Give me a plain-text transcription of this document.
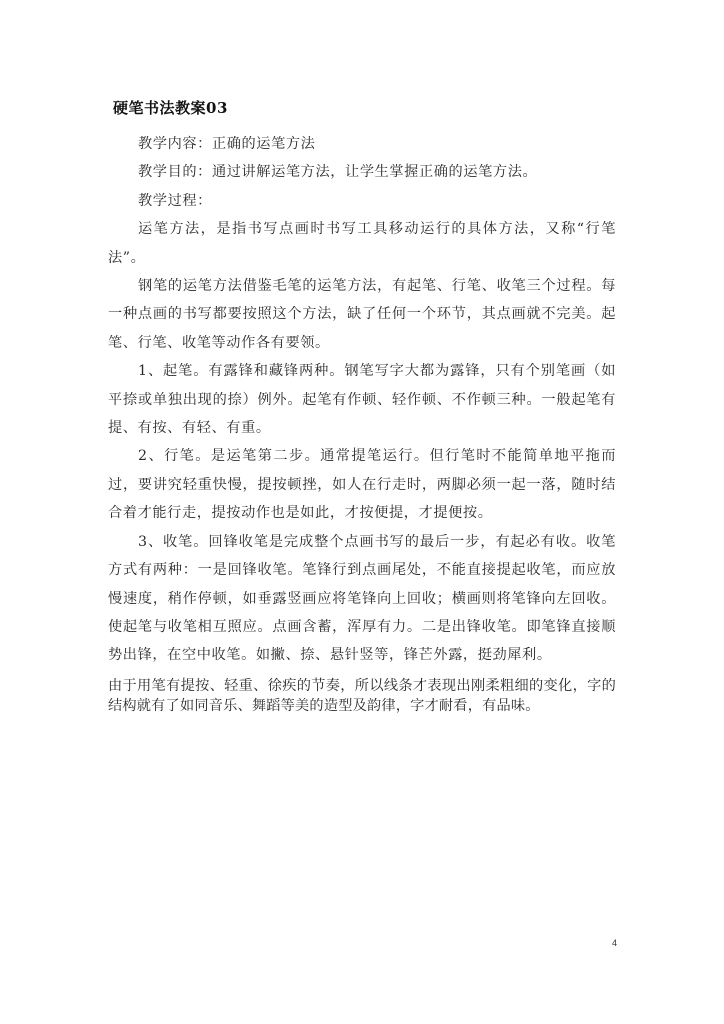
硬笔书法教案03

教学内容：正确的运笔方法

教学目的：通过讲解运笔方法，让学生掌握正确的运笔方法。

教学过程：

运笔方法，是指书写点画时书写工具移动运行的具体方法，又称“行笔法”。

钢笔的运笔方法借鉴毛笔的运笔方法，有起笔、行笔、收笔三个过程。每一种点画的书写都要按照这个方法，缺了任何一个环节，其点画就不完美。起笔、行笔、收笔等动作各有要领。

1、起笔。有露锋和藏锋两种。钢笔写字大都为露锋，只有个别笔画（如平捺或单独出现的捺）例外。起笔有作顿、轻作顿、不作顿三种。一般起笔有提、有按、有轻、有重。

2、行笔。是运笔第二步。通常提笔运行。但行笔时不能简单地平拖而过，要讲究轻重快慢，提按顿挫，如人在行走时，两脚必须一起一落，随时结合着才能行走，提按动作也是如此，才按便提，才提便按。

3、收笔。回锋收笔是完成整个点画书写的最后一步，有起必有收。收笔方式有两种：一是回锋收笔。笔锋行到点画尾处，不能直接提起收笔，而应放慢速度，稍作停顿，如垂露竖画应将笔锋向上回收；横画则将笔锋向左回收。使起笔与收笔相互照应。点画含蓄，浑厚有力。二是出锋收笔。即笔锋直接顺势出锋，在空中收笔。如撇、捺、悬针竖等，锋芒外露，挺劲犀利。

由于用笔有提按、轻重、徐疾的节奏，所以线条才表现出刚柔粗细的变化，字的结构就有了如同音乐、舞蹈等美的造型及韵律，字才耐看，有品味。

4
